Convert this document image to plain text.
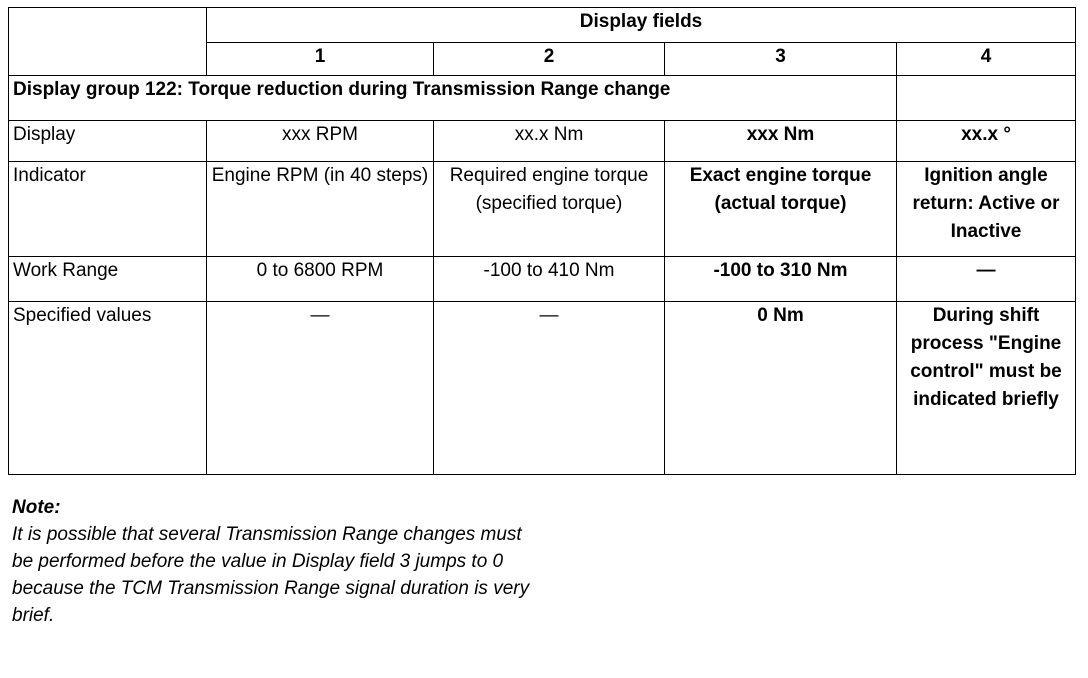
	Display fields			
	1	2	3	4
Display group 122: Torque reduction during Transmission Range change				
Display	xxx RPM	xx.x Nm	xxx Nm	xx.x °
Indicator	Engine RPM (in 40 steps)	Required engine torque (specified torque)	Exact engine torque (actual torque)	Ignition angle return: Active or Inactive
Work Range	0 to 6800 RPM	-100 to 410 Nm	-100 to 310 Nm	—
Specified values	—	—	0 Nm	During shift process "Engine control" must be indicated briefly
Note:
It is possible that several Transmission Range changes must be performed before the value in Display field 3 jumps to 0 because the TCM Transmission Range signal duration is very brief.
